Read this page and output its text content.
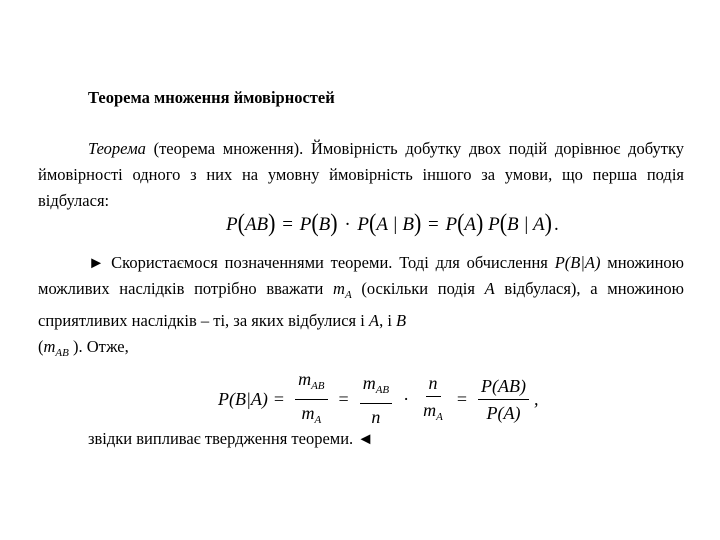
Теорема множення ймовірностей
Теорема (теорема множення). Ймовірність добутку двох подій дорівнює добутку ймовірності одного з них на умовну ймовірність іншого за умови, що перша подія відбулася:
P(AB) = P(B) · P(A | B) = P(A) P(B | A) .
► Скористаємося позначеннями теореми. Тоді для обчислення P(B|A) множиною можливих наслідків потрібно вважати $m_A$ (оскільки подія A відбулася), а множиною сприятливих наслідків – ті, за яких відбулися і A, і B
($m_{AB}$ ). Отже,
$P(B|A) = \frac{m_{AB}}{m_A} = \frac{m_{AB}}{n} \cdot \frac{n}{m_A} = \frac{P(AB)}{P(A)}$ ,
звідки випливає твердження теореми. ◄
